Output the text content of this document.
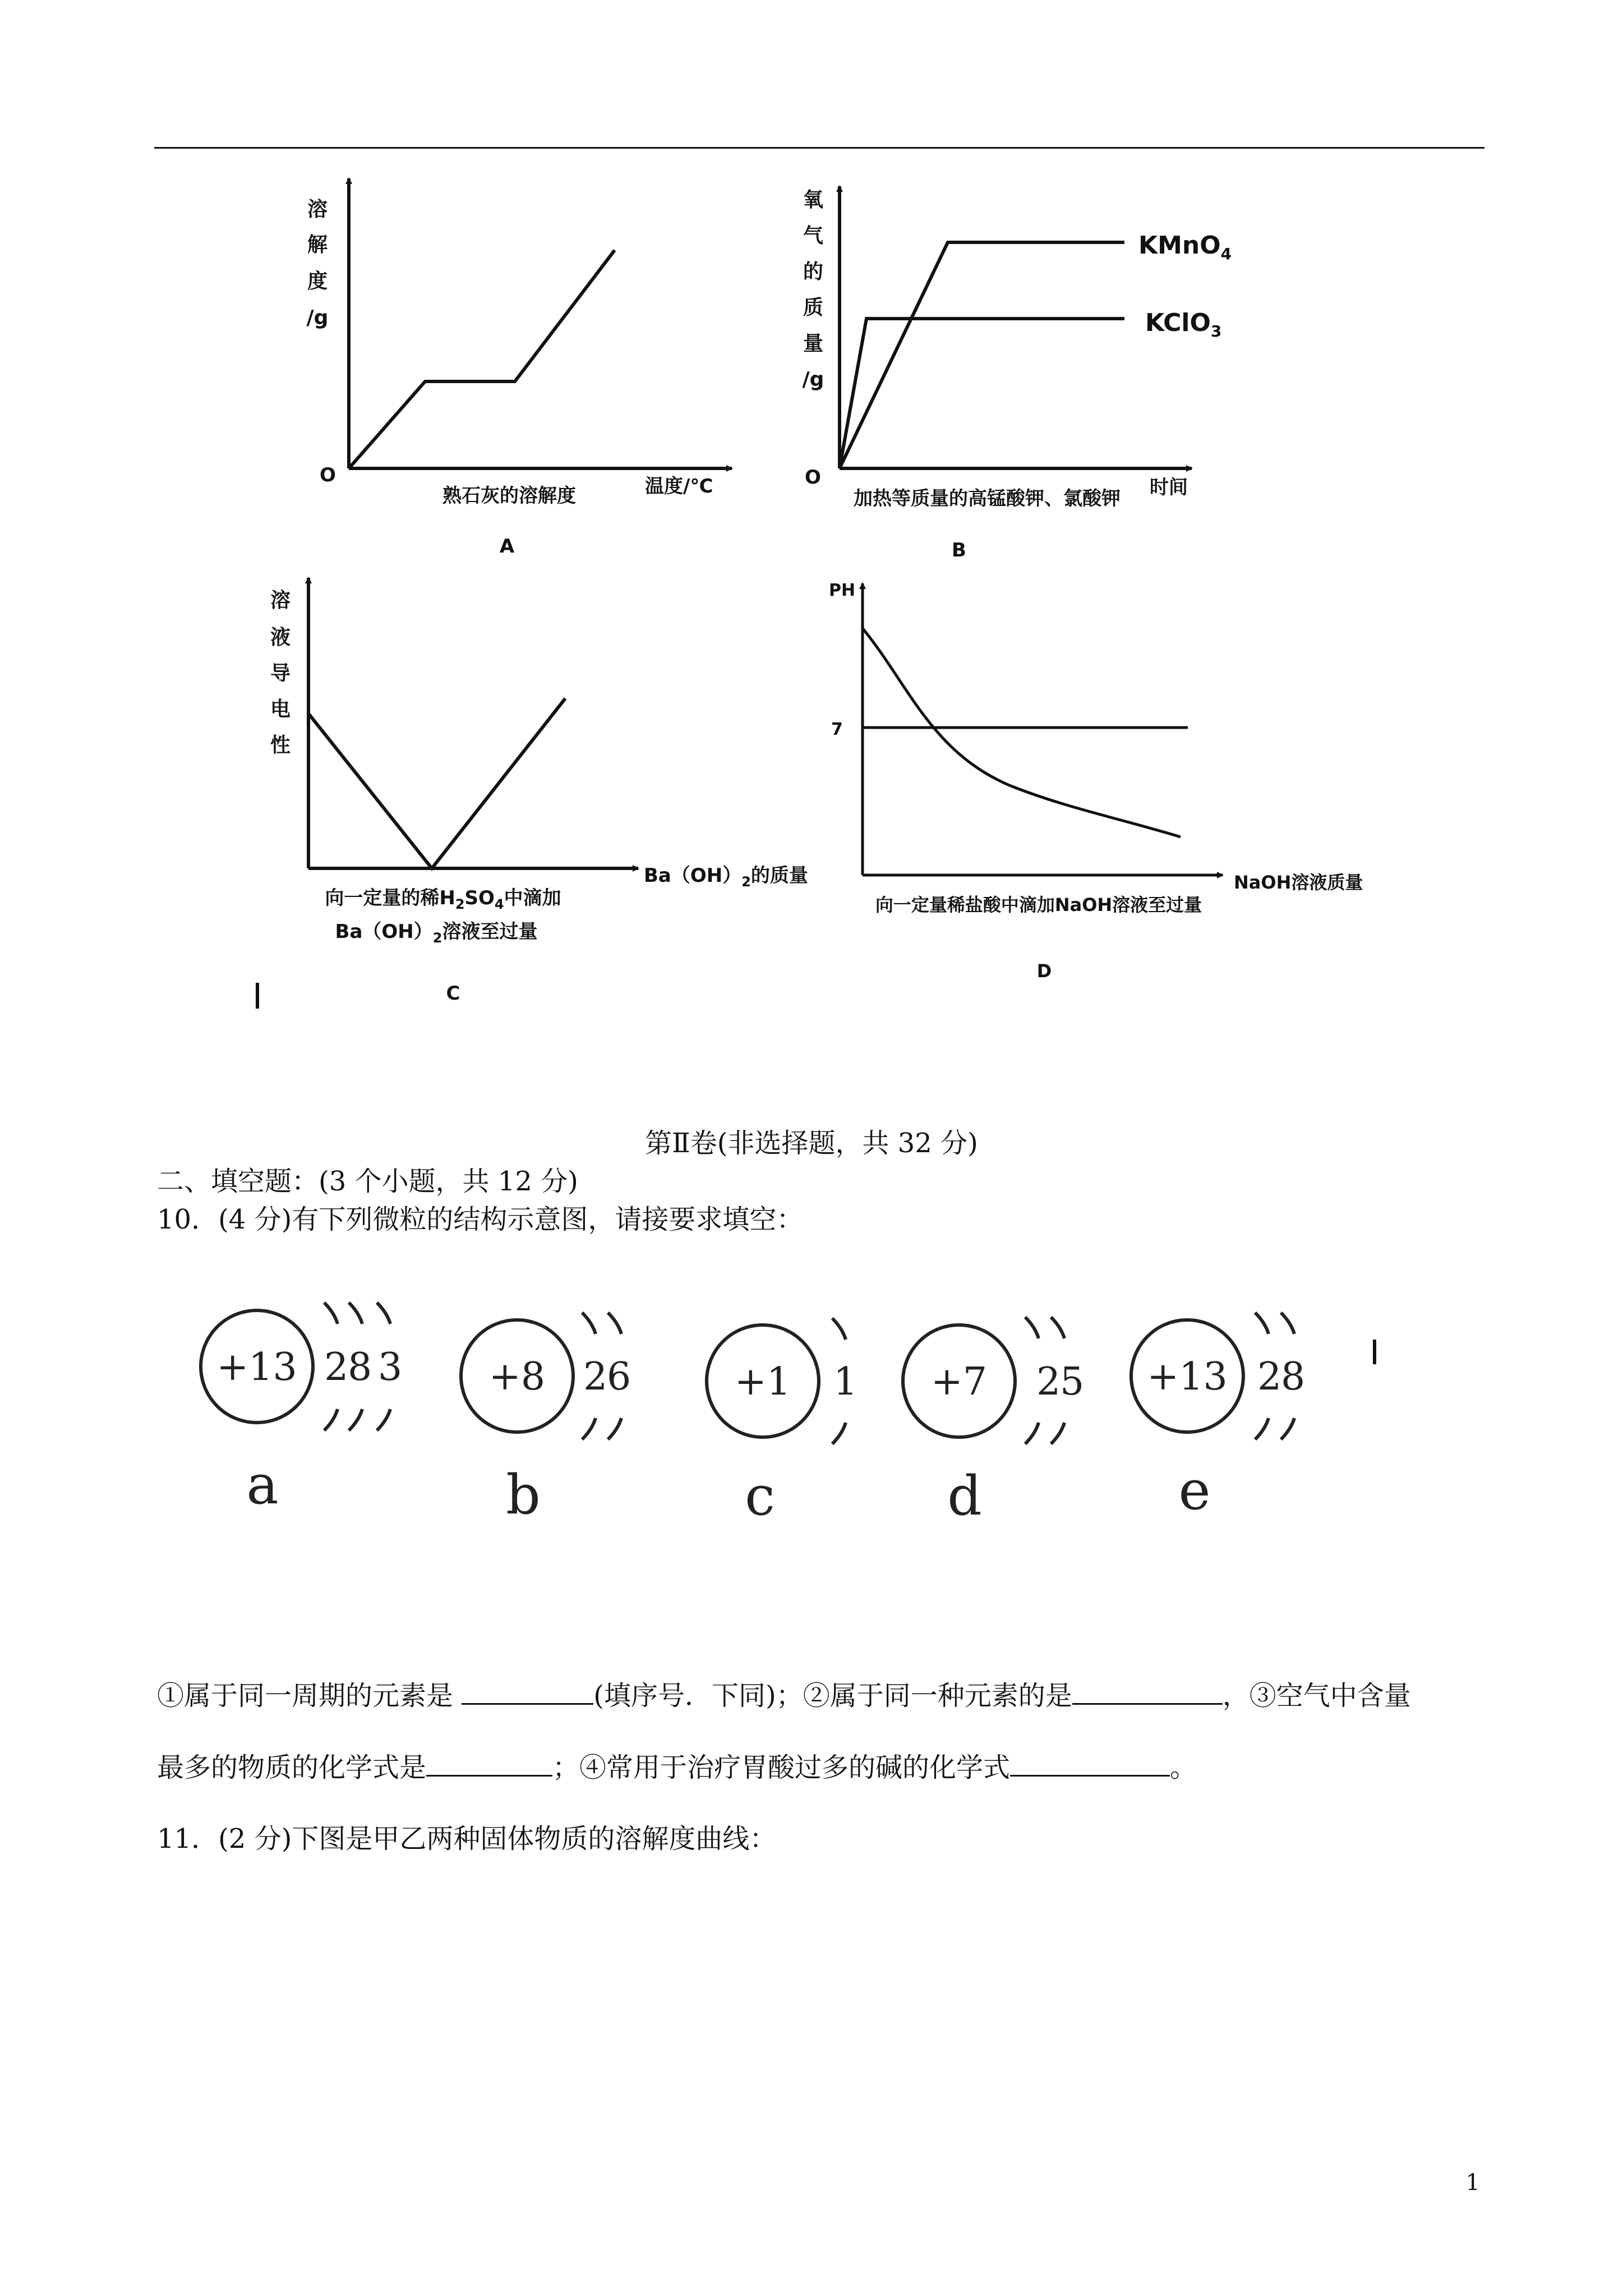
溶
解
度
/g
O	温度/℃
熟石灰的溶解度
A
氧
气
的
质
量
/g
O	时间
加热等质量的高锰酸钾、氯酸钾
KMnO$_4$
KClO$_3$
B
溶
液
导
电
性
$Ba(OH)_2$的质量
向一定量的稀$H_2SO_4$中滴加
$Ba(OH)_2$溶液至过量
C
PH
7
NaOH溶液质量
向一定量稀盐酸中滴加NaOH溶液至过量
D
第Ⅱ卷(非选择题，共 32 分)
二、填空题：(3 个小题，共 12 分)
10．(4 分)有下列微粒的结构示意图，请接要求填空：
+13 2
8 3
a
+8 2
6
b
+1 1
c
+7 2
5
d
+13 2
8
e
①属于同一周期的元素是	(填序号．下同)；②属于同一种元素的是	，③空气中含量
最多的物质的化学式是	；④常用于治疗胃酸过多的碱的化学式	。
11．(2 分)下图是甲乙两种固体物质的溶解度曲线：
1
